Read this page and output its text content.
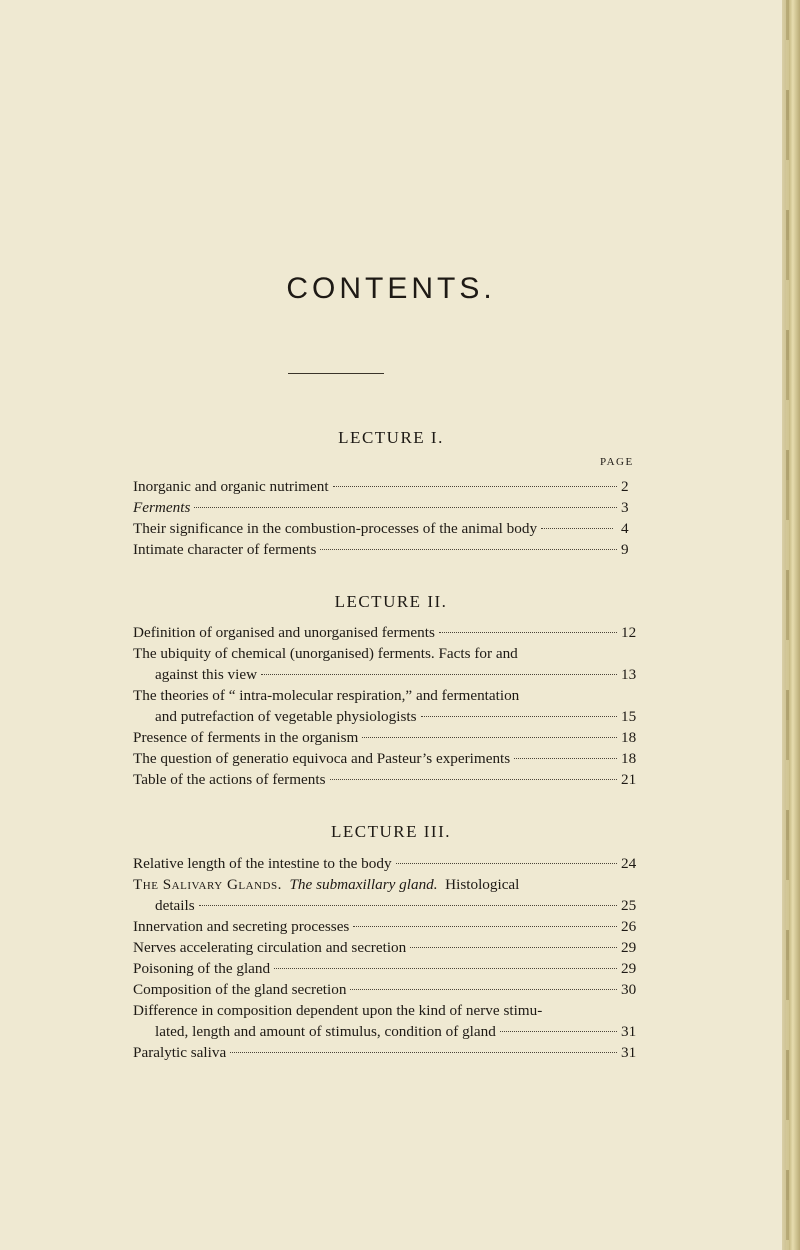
CONTENTS.
LECTURE I.
PAGE
Inorganic and organic nutriment	2
Ferments	3
Their significance in the combustion-processes of the animal body	4
Intimate character of ferments	9
LECTURE II.
Definition of organised and unorganised ferments	12
The ubiquity of chemical (unorganised) ferments. Facts for and
against this view	13
The theories of “ intra-molecular respiration,” and fermentation
and putrefaction of vegetable physiologists	15
Presence of ferments in the organism	18
The question of generatio equivoca and Pasteur’s experiments	18
Table of the actions of ferments	21
LECTURE III.
Relative length of the intestine to the body	24
The Salivary Glands. The submaxillary gland. Histological
details	25
Innervation and secreting processes	26
Nerves accelerating circulation and secretion	29
Poisoning of the gland	29
Composition of the gland secretion	30
Difference in composition dependent upon the kind of nerve stimu-
lated, length and amount of stimulus, condition of gland	31
Paralytic saliva	31
